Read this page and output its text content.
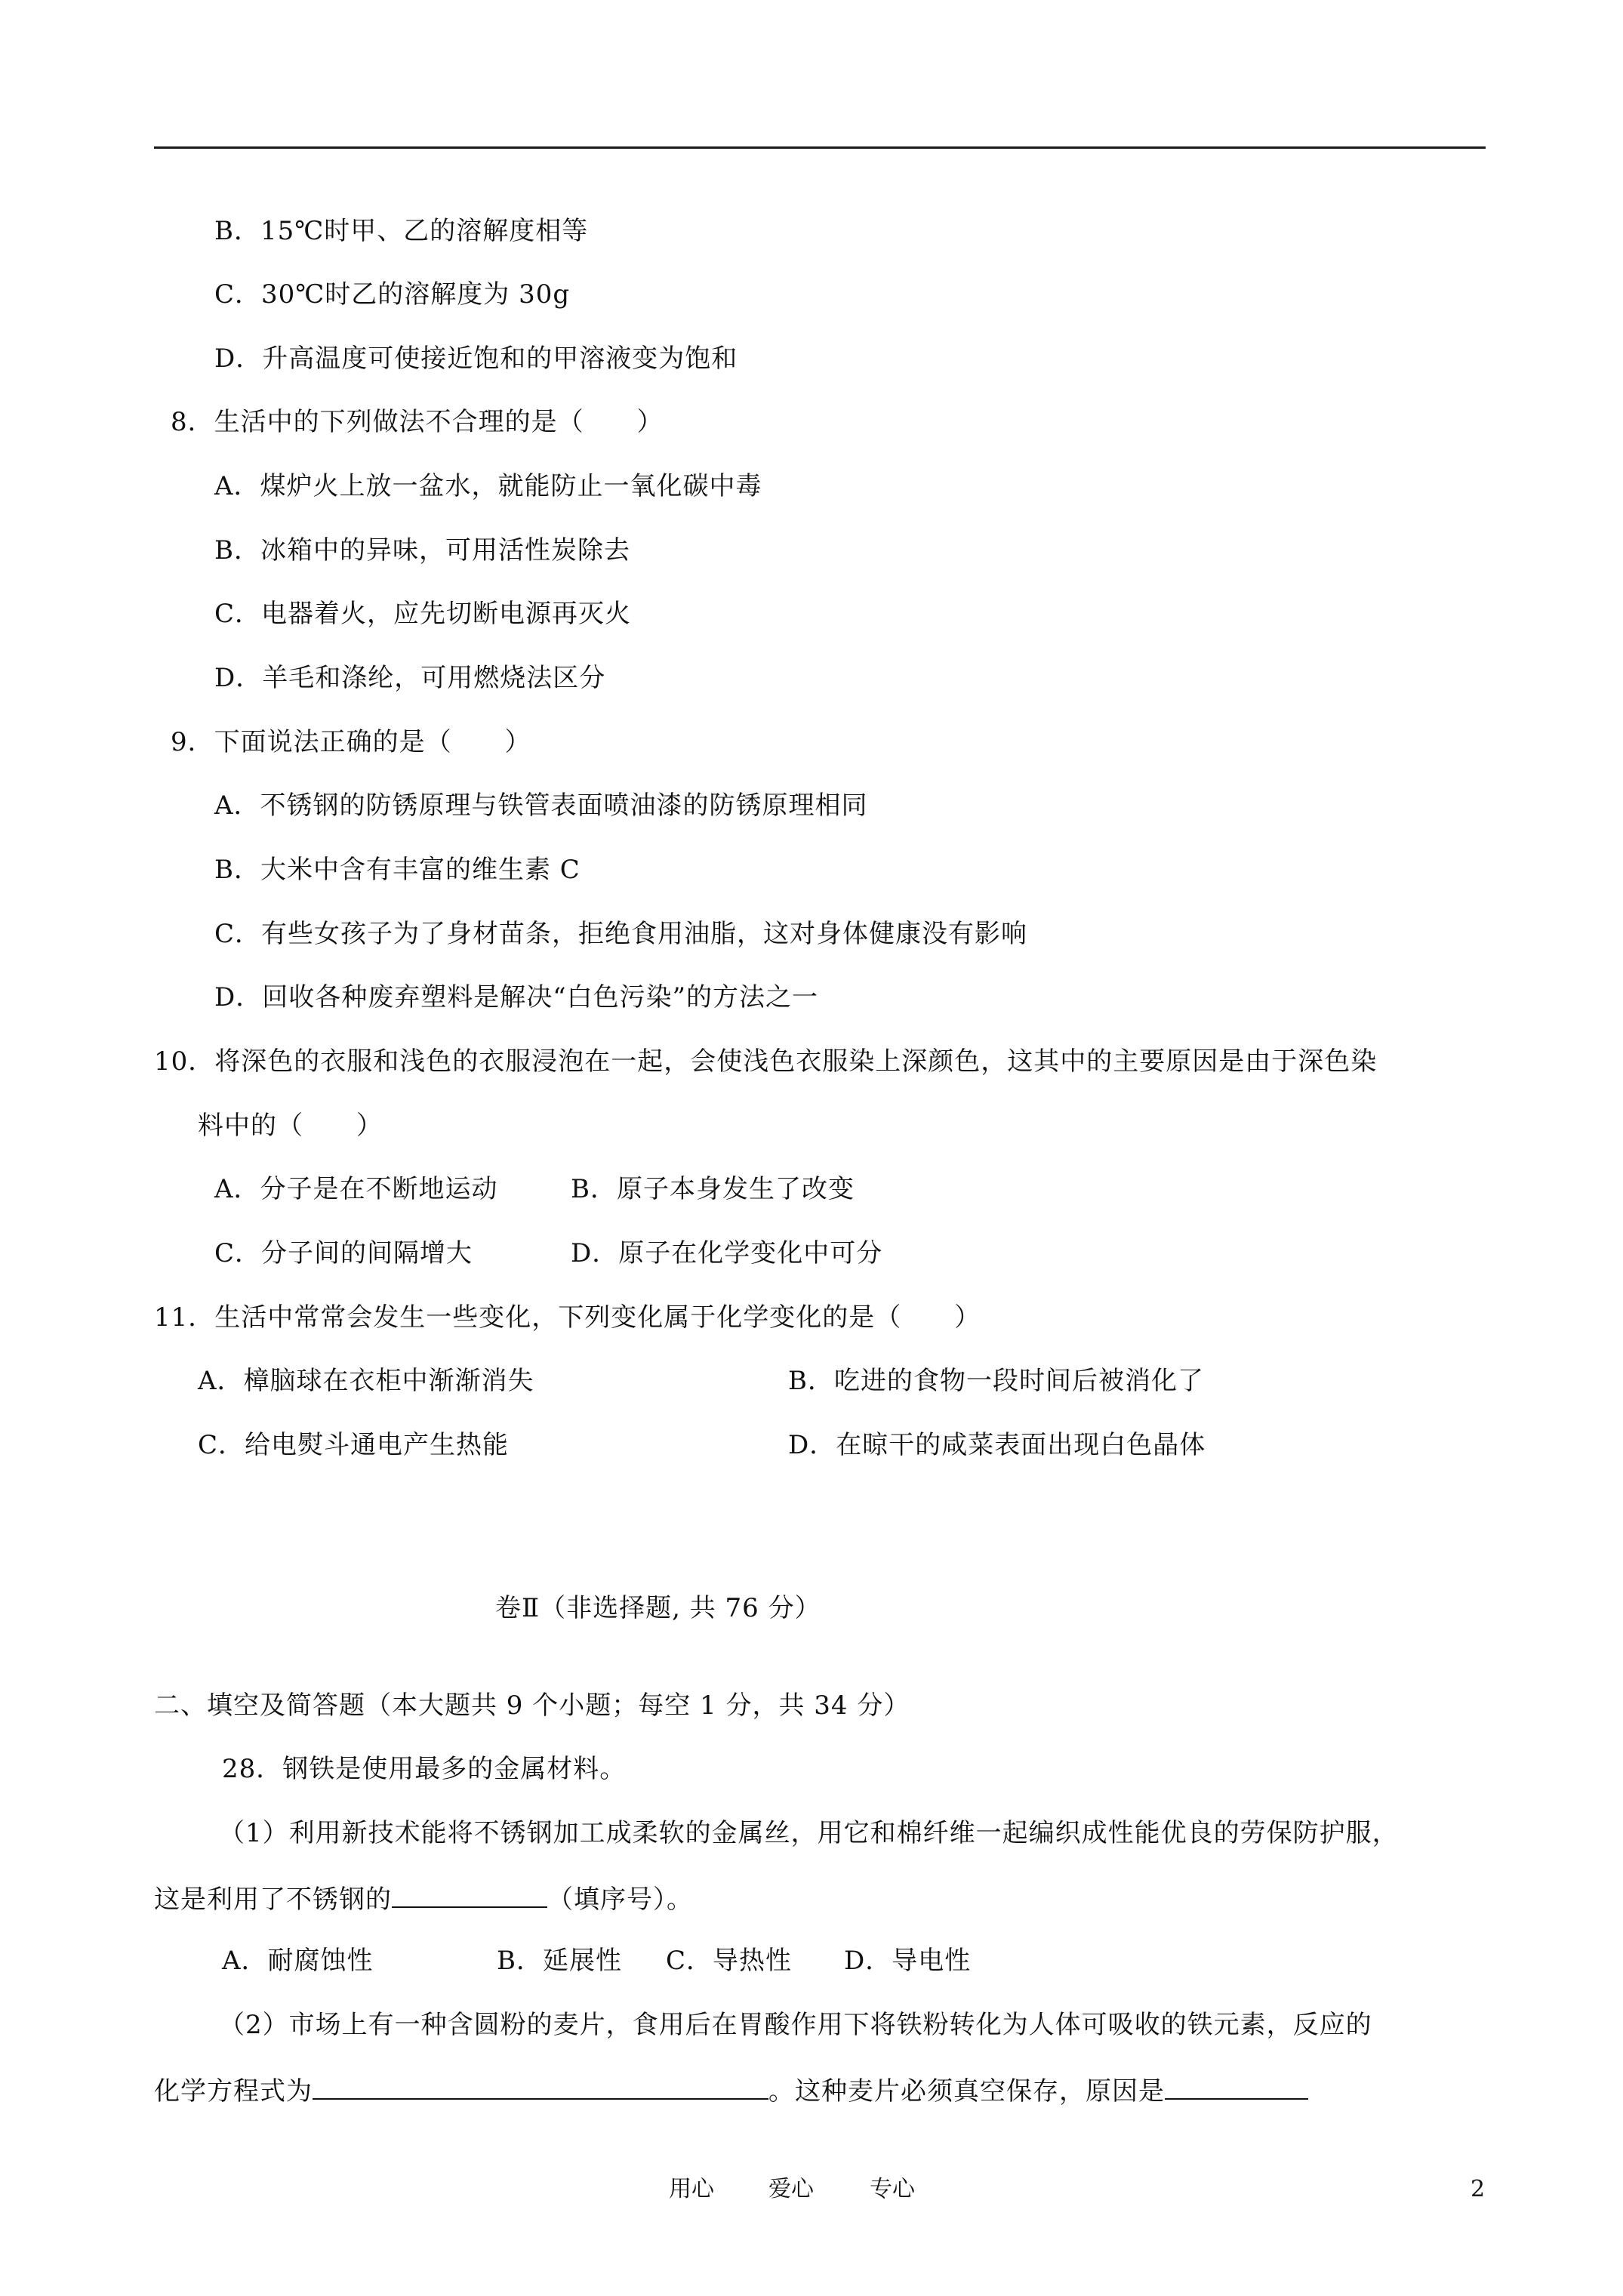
B．15℃时甲、乙的溶解度相等
C．30℃时乙的溶解度为 30g
D．升高温度可使接近饱和的甲溶液变为饱和
8．生活中的下列做法不合理的是（　　）
A．煤炉火上放一盆水，就能防止一氧化碳中毒
B．冰箱中的异味，可用活性炭除去
C．电器着火，应先切断电源再灭火
D．羊毛和涤纶，可用燃烧法区分
9．下面说法正确的是（　　）
A．不锈钢的防锈原理与铁管表面喷油漆的防锈原理相同
B．大米中含有丰富的维生素 C
C．有些女孩子为了身材苗条，拒绝食用油脂，这对身体健康没有影响
D．回收各种废弃塑料是解决“白色污染”的方法之一
10．将深色的衣服和浅色的衣服浸泡在一起，会使浅色衣服染上深颜色，这其中的主要原因是由于深色染
料中的（　　）
A．分子是在不断地运动	B．原子本身发生了改变
C．分子间的间隔增大	D．原子在化学变化中可分
11．生活中常常会发生一些变化，下列变化属于化学变化的是（　　）
A．樟脑球在衣柜中渐渐消失	B．吃进的食物一段时间后被消化了
C．给电熨斗通电产生热能	D．在晾干的咸菜表面出现白色晶体
卷Ⅱ（非选择题, 共 76 分）
二、填空及简答题（本大题共 9 个小题；每空 1 分，共 34 分）
28．钢铁是使用最多的金属材料。
（1）利用新技术能将不锈钢加工成柔软的金属丝，用它和棉纤维一起编织成性能优良的劳保防护服，
这是利用了不锈钢的	（填序号）。
A．耐腐蚀性	B．延展性 C．导热性 D．导电性
（2）市场上有一种含圆粉的麦片，食用后在胃酸作用下将铁粉转化为人体可吸收的铁元素，反应的
化学方程式为	。这种麦片必须真空保存，原因是
用心 爱心 专心	2
